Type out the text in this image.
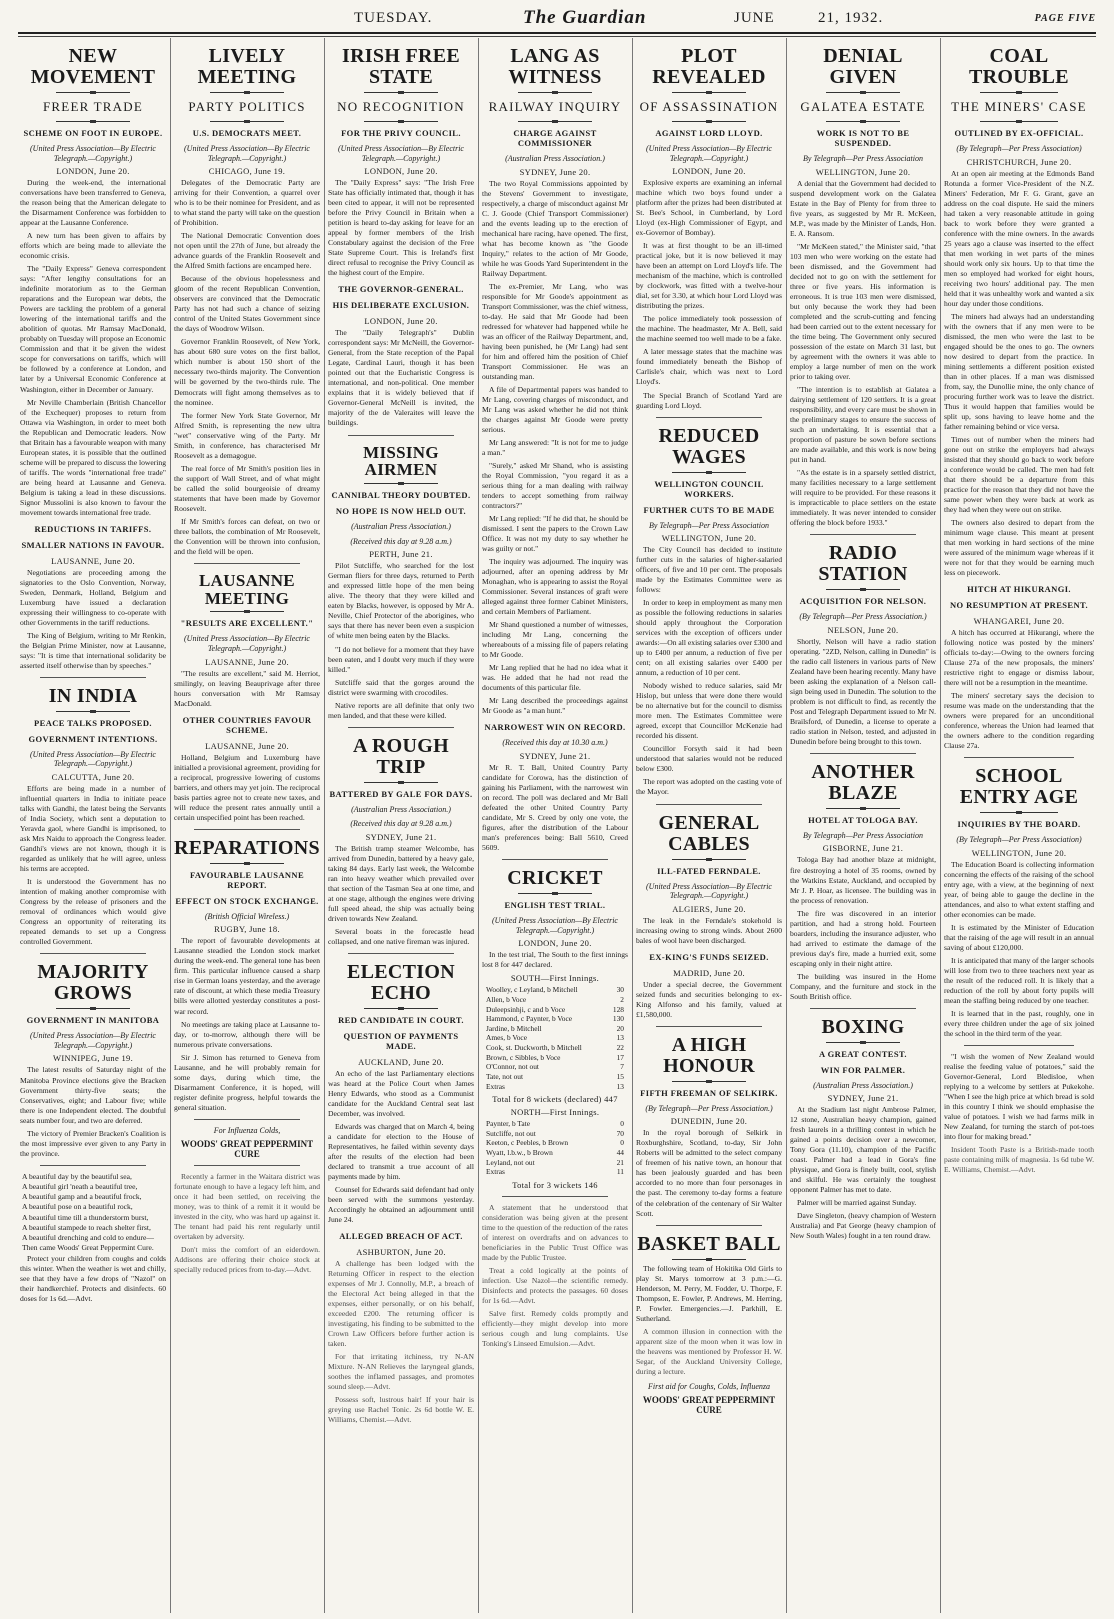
TUESDAY.	The Guardian	JUNE	21, 1932.	PAGE FIVE
NEW MOVEMENT
FREER TRADE
SCHEME ON FOOT IN EUROPE.
(United Press Association—By Electric Telegraph.—Copyright.)
LONDON, June 20.

During the week-end, the international conversations have been transferred to Geneva, the reason being that the American delegate to the Disarmament Conference was forbidden to appear at the Lausanne Conference.

A new turn has been given to affairs by efforts which are being made to alleviate the economic crisis.

The "Daily Express" Geneva correspondent says: "After lengthy consultations for an indefinite moratorium as to the German reparations and the European war debts, the Powers are tackling the problem of a general lowering of the international tariffs and the abolition of quotas. Mr Ramsay MacDonald, probably on Tuesday will propose an Economic Commission and that it be given the widest scope for conversations on tariffs, which will be followed by a conference at London, and later by a Universal Economic Conference at Washington, either in December or January.

Mr Neville Chamberlain (British Chancellor of the Exchequer) proposes to return from Ottawa via Washington, in order to meet both the Republican and Democratic leaders. Now that Britain has a favourable weapon with many European states, it is possible that the outlined scheme will be prepared to discuss the lowering of tariffs. The words "international free trade" are being heard at Lausanne and Geneva. Belgium is taking a lead in these discussions. Signor Mussolini is also known to favour the movement towards international free trade.

REDUCTIONS IN TARIFFS.
SMALLER NATIONS IN FAVOUR.
LAUSANNE, June 20.

Negotiations are proceeding among the signatories to the Oslo Convention, Norway, Sweden, Denmark, Holland, Belgium and Luxemburg have issued a declaration expressing their willingness to co-operate with other Governments in the tariff reductions.

The King of Belgium, writing to Mr Renkin, the Belgian Prime Minister, now at Lausanne, says: "It is time that international solidarity be asserted itself otherwise than by speeches."

IN INDIA
PEACE TALKS PROPOSED.
GOVERNMENT INTENTIONS.
(United Press Association—By Electric Telegraph.—Copyright.)
CALCUTTA, June 20.

Efforts are being made in a number of influential quarters in India to initiate peace talks with Gandhi, the latest being the Servants of India Society, which sent a deputation to Yeravda gaol, where Gandhi is imprisoned, to ask Mrs Naidu to approach the Congress leader. Gandhi's views are not known, though it is regarded as unlikely that he will agree, unless his terms are accepted.

It is understood the Government has no intention of making another compromise with Congress by the release of prisoners and the removal of ordinances which would give Congress an opportunity of reiterating its repeated demands to set up a Congress controlled Government.

MAJORITY GROWS
GOVERNMENT IN MANITOBA
(United Press Association—By Electric Telegraph.—Copyright.)
WINNIPEG, June 19.

The latest results of Saturday night of the Manitoba Province elections give the Bracken Government thirty-five seats; the Conservatives, eight; and Labour five; while there is one Independent elected. The doubtful seats number four, and two are deferred.

The victory of Premier Bracken's Coalition is the most impressive ever given to any Party in the province.

A beautiful day by the beautiful sea,
A beautiful girl 'neath a beautiful tree,
A beautiful gamp and a beautiful frock,
A beautiful pose on a beautiful rock,
A beautiful time till a thunderstorm burst,
A beautiful stampede to reach shelter first,
A beautiful drenching and cold to endure—
Then came Woods' Great Peppermint Cure.

Protect your children from coughs and colds this winter. When the weather is wet and chilly, see that they have a few drops of "Nazol" on their handkerchief. Protects and disinfects. 60 doses for 1s 6d.—Advt.

LIVELY MEETING
PARTY POLITICS
U.S. DEMOCRATS MEET.
(United Press Association—By Electric Telegraph.—Copyright.)
CHICAGO, June 19.

Delegates of the Democratic Party are arriving for their Convention, a quarrel over who is to be their nominee for President, and as to what stand the party will take on the question of Prohibition.

The National Democratic Convention does not open until the 27th of June, but already the advance guards of the Franklin Roosevelt and the Alfred Smith factions are encamped here.

Because of the obvious hopelessness and gloom of the recent Republican Convention, observers are convinced that the Democratic Party has not had such a chance of seizing control of the United States Government since the days of Woodrow Wilson.

Governor Franklin Roosevelt, of New York, has about 680 sure votes on the first ballot, which number is about 150 short of the necessary two-thirds majority. The Convention will be governed by the two-thirds rule. The Democrats will fight among themselves as to the nominee.

The former New York State Governor, Mr Alfred Smith, is representing the new ultra "wet" conservative wing of the Party. Mr Smith, in conference, has characterised Mr Roosevelt as a demagogue.

The real force of Mr Smith's position lies in the support of Wall Street, and of what might be called the solid bourgeoisie of dreamy statements that have been made by Governor Roosevelt.

If Mr Smith's forces can defeat, on two or three ballots, the combination of Mr Roosevelt, the Convention will be thrown into confusion, and the field will be open.

LAUSANNE MEETING
"RESULTS ARE EXCELLENT."
(United Press Association—By Electric Telegraph.—Copyright.)
LAUSANNE, June 20.

"The results are excellent," said M. Herriot, smilingly, on leaving Beauprivage after three hours conversation with Mr Ramsay MacDonald.

OTHER COUNTRIES FAVOUR SCHEME.
LAUSANNE, June 20.

Holland, Belgium and Luxemburg have initialled a provisional agreement, providing for a reciprocal, progressive lowering of customs barriers, and others may yet join. The reciprocal basis parties agree not to create new taxes, and will reduce the present rates annually until a certain unspecified point has been reached.

REPARATIONS
FAVOURABLE LAUSANNE REPORT.
EFFECT ON STOCK EXCHANGE.
(British Official Wireless.)
RUGBY, June 18.

The report of favourable developments at Lausanne steadied the London stock market during the week-end. The general tone has been firm. This particular influence caused a sharp rise in German loans yesterday, and the average rate of discount, at which these media Treasury bills were allotted yesterday constitutes a post-war record.

No meetings are taking place at Lausanne to-day, or to-morrow, although there will be numerous private conversations.

Sir J. Simon has returned to Geneva from Lausanne, and he will probably remain for some days, during which time, the Disarmament Conference, it is hoped, will register definite progress, helpful towards the general situation.

For Influenza Colds,
WOODS' GREAT PEPPERMINT CURE

Recently a farmer in the Waitara district was fortunate enough to have a legacy left him, and once it had been settled, on receiving the money, was to think of a remit it it would be invested in the city, who was hard up against it. The tenant had paid his rent regularly until overtaken by adversity.

Don't miss the comfort of an eiderdown. Addisons are offering their choice stock at specially reduced prices from to-day.—Advt.

IRISH FREE STATE
NO RECOGNITION
FOR THE PRIVY COUNCIL.
(United Press Association—By Electric Telegraph.—Copyright.)
LONDON, June 20.

The "Daily Express" says: "The Irish Free State has officially intimated that, though it has been cited to appear, it will not be represented before the Privy Council in Britain when a petition is heard to-day asking for leave for an appeal by former members of the Irish Constabulary against the decision of the Free State Supreme Court. This is Ireland's first direct refusal to recognise the Privy Council as the highest court of the Empire.

THE GOVERNOR-GENERAL.
HIS DELIBERATE EXCLUSION.
LONDON, June 20.

The "Daily Telegraph's" Dublin correspondent says: Mr McNeill, the Governor-General, from the State reception of the Papal Legate, Cardinal Lauri, though it has been pointed out that the Eucharistic Congress is international, and non-political. One member explains that it is widely believed that if Governor-General McNeill is invited, the majority of the de Valeraites will leave the buildings.

MISSING AIRMEN
CANNIBAL THEORY DOUBTED.
NO HOPE IS NOW HELD OUT.
(Australian Press Association.)
(Received this day at 9.28 a.m.)
PERTH, June 21.

Pilot Sutcliffe, who searched for the lost German fliers for three days, returned to Perth and expressed little hope of the men being alive. The theory that they were killed and eaten by Blacks, however, is opposed by Mr A. Neville, Chief Protector of the aborigines, who says that there has never been even a suspicion of white men being eaten by the Blacks.

"I do not believe for a moment that they have been eaten, and I doubt very much if they were killed."

Sutcliffe said that the gorges around the district were swarming with crocodiles.

Native reports are all definite that only two men landed, and that these were killed.

A ROUGH TRIP
BATTERED BY GALE FOR DAYS.
(Australian Press Association.)
(Received this day at 9.28 a.m.)
SYDNEY, June 21.

The British tramp steamer Welcombe, has arrived from Dunedin, battered by a heavy gale, taking 84 days. Early last week, the Welcombe ran into heavy weather which prevailed over that section of the Tasman Sea at one time, and at one stage, although the engines were driving full speed ahead, the ship was actually being driven towards New Zealand.

Several boats in the forecastle head collapsed, and one native fireman was injured.

ELECTION ECHO
RED CANDIDATE IN COURT.
QUESTION OF PAYMENTS MADE.
AUCKLAND, June 20.

An echo of the last Parliamentary elections was heard at the Police Court when James Henry Edwards, who stood as a Communist candidate for the Auckland Central seat last December, was involved.

Edwards was charged that on March 4, being a candidate for election to the House of Representatives, he failed within seventy days after the results of the election had been declared to transmit a true account of all payments made by him.

Counsel for Edwards said defendant had only been served with the summons yesterday. Accordingly he obtained an adjournment until June 24.

ALLEGED BREACH OF ACT.
ASHBURTON, June 20.

A challenge has been lodged with the Returning Officer in respect to the election expenses of Mr J. Connolly, M.P., a breach of the Electoral Act being alleged in that the expenses, either personally, or on his behalf, exceeded £200. The returning officer is investigating, his finding to be submitted to the Crown Law Officers before further action is taken.

For that irritating itchiness, try N-AN Mixture. N-AN Relieves the laryngeal glands, soothes the inflamed passages, and promotes sound sleep.—Advt.

Possess soft, lustrous hair! If your hair is greying use Rachel Tonic. 2s 6d bottle W. E. Williams, Chemist.—Advt.

LANG AS WITNESS
RAILWAY INQUIRY
CHARGE AGAINST COMMISSIONER
(Australian Press Association.)
SYDNEY, June 20.

The two Royal Commissions appointed by the Stevens' Government to investigate, respectively, a charge of misconduct against Mr C. J. Goode (Chief Transport Commissioner) and the events leading up to the erection of mechanical hare racing, have opened. The first, what has become known as "the Goode Inquiry," relates to the action of Mr Goode, while he was Goods Yard Superintendent in the Railway Department.

The ex-Premier, Mr Lang, who was responsible for Mr Goode's appointment as Transport Commissioner, was the chief witness, to-day. He said that Mr Goode had been redressed for whatever had happened while he was an officer of the Railway Department, and, having been punished, he (Mr Lang) had sent for him and offered him the position of Chief Transport Commissioner. He was an outstanding man.

A file of Departmental papers was handed to Mr Lang, covering charges of misconduct, and Mr Lang was asked whether he did not think the charges against Mr Goode were pretty serious.

Mr Lang answered: "It is not for me to judge a man."

"Surely," asked Mr Shand, who is assisting the Royal Commission, "you regard it as a serious thing for a man dealing with railway tenders to accept something from railway contractors?"

Mr Lang replied: "If he did that, he should be dismissed. I sent the papers to the Crown Law Office. It was not my duty to say whether he was guilty or not."

The inquiry was adjourned. The inquiry was adjourned, after an opening address by Mr Monaghan, who is appearing to assist the Royal Commissioner. Several instances of graft were alleged against three former Cabinet Ministers, and certain Members of Parliament.

Mr Shand questioned a number of witnesses, including Mr Lang, concerning the whereabouts of a missing file of papers relating to Mr Goode.

Mr Lang replied that he had no idea what it was. He added that he had not read the documents of this particular file.

Mr Lang described the proceedings against Mr Goode as "a man hunt."

NARROWEST WIN ON RECORD.
(Received this day at 10.30 a.m.)
SYDNEY, June 21.

Mr R. T. Ball, United Country Party candidate for Corowa, has the distinction of gaining his Parliament, with the narrowest win on record. The poll was declared and Mr Ball defeated the other United Country Party candidate, Mr S. Creed by only one vote, the figures, after the distribution of the Labour man's preferences being: Ball 5610, Creed 5609.

CRICKET
ENGLISH TEST TRIAL.
(United Press Association—By Electric Telegraph.—Copyright.)
LONDON, June 20.

In the test trial, The South to the first innings lost 8 for 447 declared.

SOUTH—First Innings.
Woolley, c Leyland, b Mitchell	30
Allen, b Voce	2
Duleepsinhji, c and b Voce	128
Hammond, c Paynter, b Voce	130
Jardine, b Mitchell	20
Ames, b Voce	13
Cook, st. Duckworth, b Mitchell	22
Brown, c Sibbles, b Voce	17
O'Connor, not out	7
Tate, not out	15
Extras	13
Total for 8 wickets (declared) 447
NORTH—First Innings.
Paynter, b Tate	0
Sutcliffe, not out	70
Keeton, c Peebles, b Brown	0
Wyatt, l.b.w., b Brown	44
Leyland, not out	21
Extras	11
Total for 3 wickets 146

A statement that he understood that consideration was being given at the present time to the question of the reduction of the rates of interest on overdrafts and on advances to beneficiaries in the Public Trust Office was made by the Public Trustee.

Treat a cold logically at the points of infection. Use Nazol—the scientific remedy. Disinfects and protects the passages. 60 doses for 1s 6d.—Advt.

Salve first. Remedy colds promptly and efficiently—they might develop into more serious cough and lung complaints. Use Tonking's Linseed Emulsion.—Advt.

PLOT REVEALED
OF ASSASSINATION
AGAINST LORD LLOYD.
(United Press Association—By Electric Telegraph.—Copyright.)
LONDON, June 20.

Explosive experts are examining an infernal machine which two boys found under a platform after the prizes had been distributed at St. Bee's School, in Cumberland, by Lord Lloyd (ex-High Commissioner of Egypt, and ex-Governor of Bombay).

It was at first thought to be an ill-timed practical joke, but it is now believed it may have been an attempt on Lord Lloyd's life. The mechanism of the machine, which is controlled by clockwork, was fitted with a twelve-hour dial, set for 3.30, at which hour Lord Lloyd was distributing the prizes.

The police immediately took possession of the machine. The headmaster, Mr A. Bell, said the machine seemed too well made to be a fake.

A later message states that the machine was found immediately beneath the Bishop of Carlisle's chair, which was next to Lord Lloyd's.

The Special Branch of Scotland Yard are guarding Lord Lloyd.

REDUCED WAGES
WELLINGTON COUNCIL WORKERS.
FURTHER CUTS TO BE MADE
By Telegraph—Per Press Association
WELLINGTON, June 20.

The City Council has decided to institute further cuts in the salaries of higher-salaried officers, of five and 10 per cent. The proposals made by the Estimates Committee were as follows:

In order to keep in employment as many men as possible the following reductions in salaries should apply throughout the Corporation services with the exception of officers under awards:—On all existing salaries over £300 and up to £400 per annum, a reduction of five per cent; on all existing salaries over £400 per annum, a reduction of 10 per cent.

Nobody wished to reduce salaries, said Mr Hislop, but unless that were done there would be no alternative but for the council to dismiss more men. The Estimates Committee were agreed, except that Councillor McKenzie had recorded his dissent.

Councillor Forsyth said it had been understood that salaries would not be reduced below £300.

The report was adopted on the casting vote of the Mayor.

GENERAL CABLES
ILL-FATED FERNDALE.
(United Press Association—By Electric Telegraph.—Copyright.)
ALGIERS, June 20.

The leak in the Ferndale's stokehold is increasing owing to strong winds. About 2600 bales of wool have been discharged.

EX-KING'S FUNDS SEIZED.
MADRID, June 20.

Under a special decree, the Government seized funds and securities belonging to ex-King Alfonso and his family, valued at £1,580,000.

A HIGH HONOUR
FIFTH FREEMAN OF SELKIRK.
(By Telegraph—Per Press Association.)
DUNEDIN, June 20.

In the royal borough of Selkirk in Roxburghshire, Scotland, to-day, Sir John Roberts will be admitted to the select company of freemen of his native town, an honour that has been jealously guarded and has been accorded to no more than four personages in the past. The ceremony to-day forms a feature of the celebration of the centenary of Sir Walter Scott.

BASKET BALL

The following team of Hokitika Old Girls to play St. Marys tomorrow at 3 p.m.:—G. Henderson, M. Perry, M. Fodder, U. Thorpe, F. Thompson, E. Fowler, P. Andrews, M. Herring, P. Fowler. Emergencies.—J. Parkhill, E. Sutherland.

A common illusion in connection with the apparent size of the moon when it was low in the heavens was mentioned by Professor H. W. Segar, of the Auckland University College, during a lecture.

First aid for Coughs, Colds, Influenza
WOODS' GREAT PEPPERMINT CURE
DENIAL GIVEN
GALATEA ESTATE
WORK IS NOT TO BE SUSPENDED.
By Telegraph—Per Press Association
WELLINGTON, June 20.

A denial that the Government had decided to suspend development work on the Galatea Estate in the Bay of Plenty for from three to five years, as suggested by Mr R. McKeen, M.P., was made by the Minister of Lands, Hon. E. A. Ransom.

"Mr McKeen stated," the Minister said, "that 103 men who were working on the estate had been dismissed, and the Government had decided not to go on with the settlement for three or five years. His information is erroneous. It is true 103 men were dismissed, but only because the work they had been completed and the scrub-cutting and fencing had been carried out to the extent necessary for the time being. The Government only secured possession of the estate on March 31 last, but by agreement with the owners it was able to employ a large number of men on the work prior to taking over.

"The intention is to establish at Galatea a dairying settlement of 120 settlers. It is a great responsibility, and every care must be shown in the preliminary stages to ensure the success of such an undertaking. It is essential that a proportion of pasture be sown before sections are made available, and this work is now being put in hand.

"As the estate is in a sparsely settled district, many facilities necessary to a large settlement will require to be provided. For these reasons it is impracticable to place settlers on the estate immediately. It was never intended to consider offering the block before 1933."

RADIO STATION
ACQUISITION FOR NELSON.
(By Telegraph—Per Press Association.)
NELSON, June 20.

Shortly, Nelson will have a radio station operating. "2ZD, Nelson, calling in Dunedin" is the radio call listeners in various parts of New Zealand have been hearing recently. Many have been asking the explanation of a Nelson call-sign being used in Dunedin. The solution to the problem is not difficult to find, as recently the Post and Telegraph Department issued to Mr N. Brailsford, of Dunedin, a license to operate a radio station in Nelson, tested, and adjusted in Dunedin before being brought to this town.

ANOTHER BLAZE
HOTEL AT TOLOGA BAY.
By Telegraph—Per Press Association
GISBORNE, June 21.

Tologa Bay had another blaze at midnight, fire destroying a hotel of 35 rooms, owned by the Watkins Estate, Auckland, and occupied by Mr J. P. Hoar, as licensee. The building was in the process of renovation.

The fire was discovered in an interior partition, and had a strong hold. Fourteen boarders, including the insurance adjuster, who had arrived to estimate the damage of the previous day's fire, made a hurried exit, some escaping only in their night attire.

The building was insured in the Home Company, and the furniture and stock in the South British office.

BOXING
A GREAT CONTEST.
WIN FOR PALMER.
(Australian Press Association.)
SYDNEY, June 21.

At the Stadium last night Ambrose Palmer, 12 stone, Australian heavy champion, gained fresh laurels in a thrilling contest in which he gained a points decision over a newcomer, Tony Gora (11.10), champion of the Pacific coast. Palmer had a lead in Gora's fine physique, and Gora is finely built, cool, stylish and skilful. He was certainly the toughest opponent Palmer has met to date.

Palmer will be married against Sunday.

Dave Singleton, (heavy champion of Western Australia) and Pat George (heavy champion of New South Wales) fought in a ten round draw.

COAL TROUBLE
THE MINERS' CASE
OUTLINED BY EX-OFFICIAL.
(By Telegraph—Per Press Association)
CHRISTCHURCH, June 20.

At an open air meeting at the Edmonds Band Rotunda a former Vice-President of the N.Z. Miners' Federation, Mr F. G. Grant, gave an address on the coal dispute. He said the miners had taken a very reasonable attitude in going back to work before they were granted a conference with the mine owners. In the awards 25 years ago a clause was inserted to the effect that men working in wet parts of the mines should work only six hours. Up to that time the men so employed had worked for eight hours, receiving two hours' additional pay. The men held that it was unhealthy work and wanted a six hour day under those conditions.

The miners had always had an understanding with the owners that if any men were to be dismissed, the men who were the last to be engaged should be the ones to go. The owners now desired to depart from the practice. In mining settlements a different position existed than in other places. If a man was dismissed from, say, the Dunollie mine, the only chance of procuring further work was to leave the district. Thus it would happen that families would be split up, sons having to leave home and the father remaining behind or vice versa.

Times out of number when the miners had gone out on strike the employers had always insisted that they should go back to work before a conference would be called. The men had felt that there should be a departure from this practice for the reason that they did not have the same power when they were back at work as they had when they were out on strike.

The owners also desired to depart from the minimum wage clause. This meant at present that men working in hard sections of the mine were assured of the minimum wage whereas if it were not for that they would be earning much less on piecework.

HITCH AT HIKURANGI.
NO RESUMPTION AT PRESENT.
WHANGAREI, June 20.

A hitch has occurred at Hikurangi, where the following notice was posted by the miners' officials to-day:—Owing to the owners forcing Clause 27a of the new proposals, the miners' restrictive right to engage or dismiss labour, there will not be a resumption in the meantime.

The miners' secretary says the decision to resume was made on the understanding that the owners were prepared for an unconditional conference, whereas the Union had learned that the owners adhere to the condition regarding Clause 27a.

SCHOOL ENTRY AGE
INQUIRIES BY THE BOARD.
(By Telegraph—Per Press Association)
WELLINGTON, June 20.

The Education Board is collecting information concerning the effects of the raising of the school entry age, with a view, at the beginning of next year, of being able to gauge the decline in the attendances, and also to what extent staffing and other economies can be made.

It is estimated by the Minister of Education that the raising of the age will result in an annual saving of about £120,000.

It is anticipated that many of the larger schools will lose from two to three teachers next year as the result of the reduced roll. It is likely that a reduction of the roll by about forty pupils will mean the staffing being reduced by one teacher.

It is learned that in the past, roughly, one in every three children under the age of six joined the school in the third term of the year.

"I wish the women of New Zealand would realise the feeding value of potatoes," said the Governor-General, Lord Bledisloe, when replying to a welcome by settlers at Pukekohe. "When I see the high price at which bread is sold in this country I think we should emphasise the value of potatoes. I wish we had farms milk in New Zealand, for turning the starch of pot-toes into flour for making bread."

Insident Tooth Paste is a British-made tooth paste containing milk of magnesia. 1s 6d tube W. E. Williams, Chemist.—Advt.
